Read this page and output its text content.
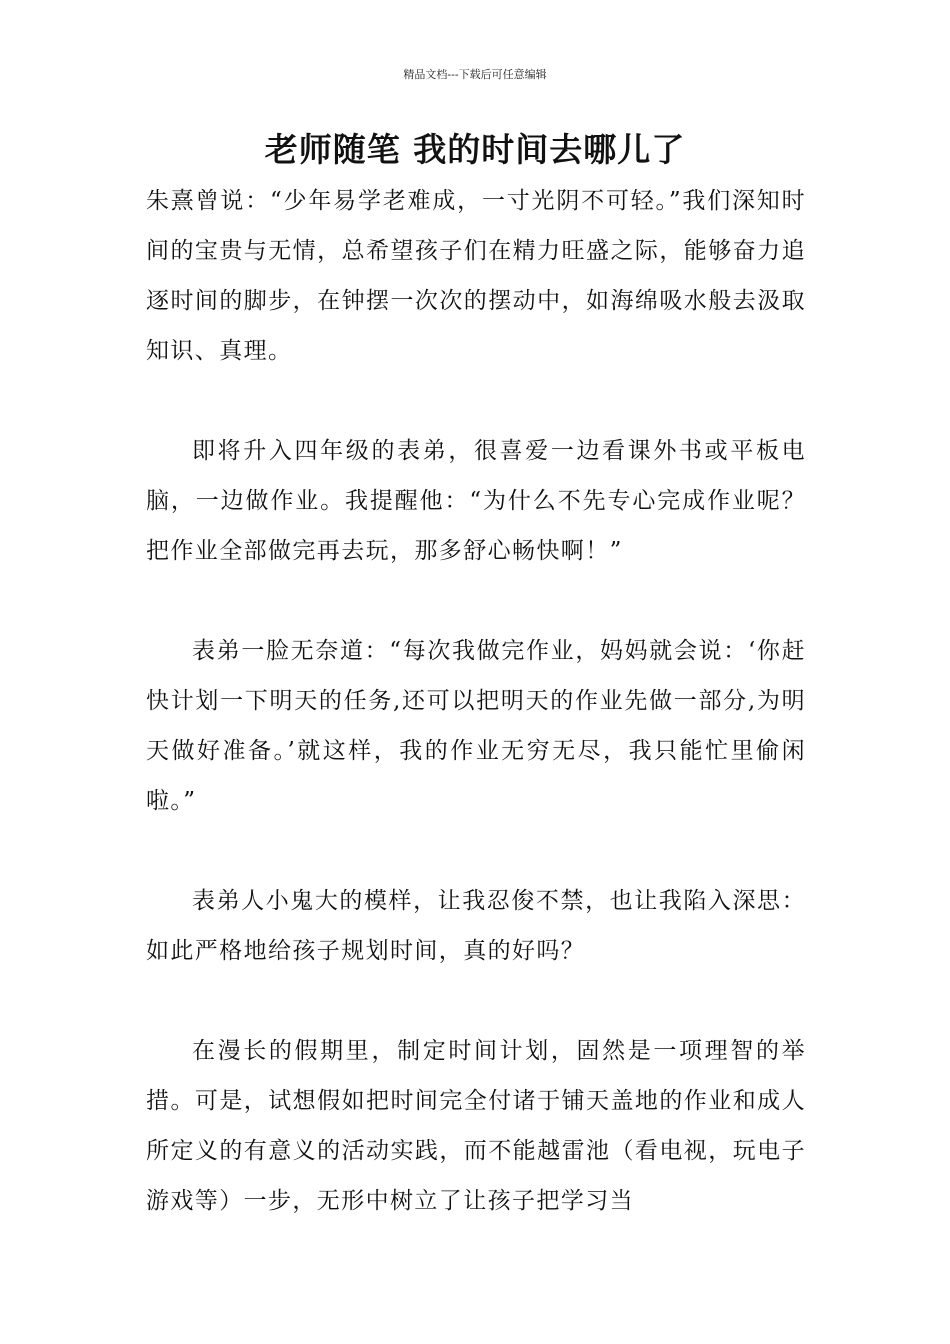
精品文档---下载后可任意编辑
老师随笔 我的时间去哪儿了

朱熹曾说：“少年易学老难成，一寸光阴不可轻。”我们深知时间的宝贵与无情，总希望孩子们在精力旺盛之际，能够奋力追逐时间的脚步，在钟摆一次次的摆动中，如海绵吸水般去汲取知识、真理。

即将升入四年级的表弟，很喜爱一边看课外书或平板电脑，一边做作业。我提醒他：“为什么不先专心完成作业呢？把作业全部做完再去玩，那多舒心畅快啊！”

表弟一脸无奈道：“每次我做完作业，妈妈就会说：‘你赶快计划一下明天的任务,还可以把明天的作业先做一部分,为明天做好准备。’就这样，我的作业无穷无尽，我只能忙里偷闲啦。”

表弟人小鬼大的模样，让我忍俊不禁，也让我陷入深思：如此严格地给孩子规划时间，真的好吗？

在漫长的假期里，制定时间计划，固然是一项理智的举措。可是，试想假如把时间完全付诸于铺天盖地的作业和成人所定义的有意义的活动实践，而不能越雷池（看电视，玩电子游戏等）一步，无形中树立了让孩子把学习当
